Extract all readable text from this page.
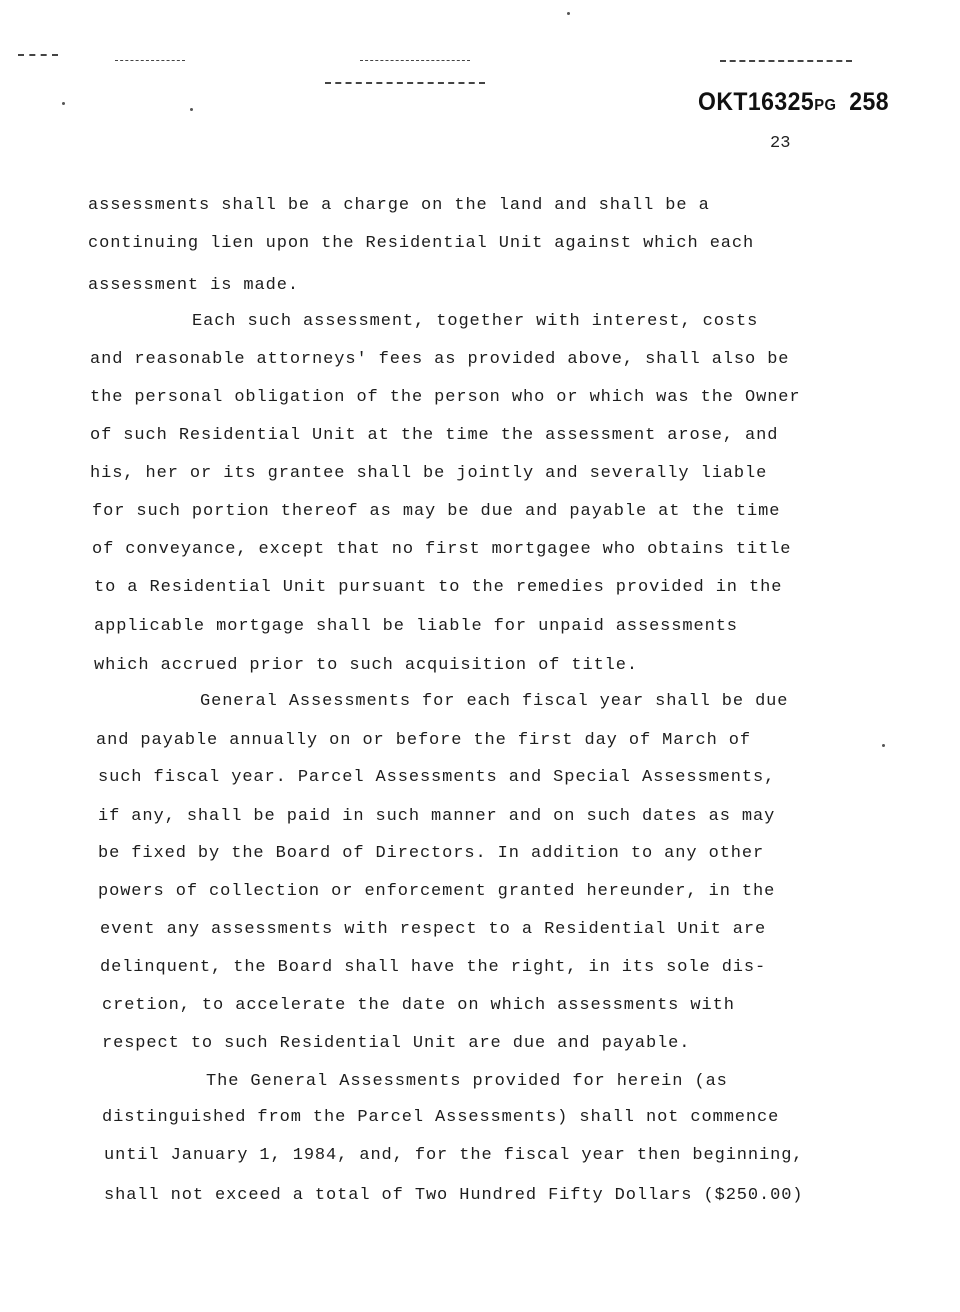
OKT16325PG 258
23
assessments shall be a charge on the land and shall be a
continuing lien upon the Residential Unit against which each
assessment is made.
Each such assessment, together with interest, costs
and reasonable attorneys' fees as provided above, shall also be
the personal obligation of the person who or which was the Owner
of such Residential Unit at the time the assessment arose, and
his, her or its grantee shall be jointly and severally liable
for such portion thereof as may be due and payable at the time
of conveyance, except that no first mortgagee who obtains title
to a Residential Unit pursuant to the remedies provided in the
applicable mortgage shall be liable for unpaid assessments
which accrued prior to such acquisition of title.
General Assessments for each fiscal year shall be due
and payable annually on or before the first day of March of
such fiscal year. Parcel Assessments and Special Assessments,
if any, shall be paid in such manner and on such dates as may
be fixed by the Board of Directors. In addition to any other
powers of collection or enforcement granted hereunder, in the
event any assessments with respect to a Residential Unit are
delinquent, the Board shall have the right, in its sole dis-
cretion, to accelerate the date on which assessments with
respect to such Residential Unit are due and payable.
The General Assessments provided for herein (as
distinguished from the Parcel Assessments) shall not commence
until January 1, 1984, and, for the fiscal year then beginning,
shall not exceed a total of Two Hundred Fifty Dollars ($250.00)
